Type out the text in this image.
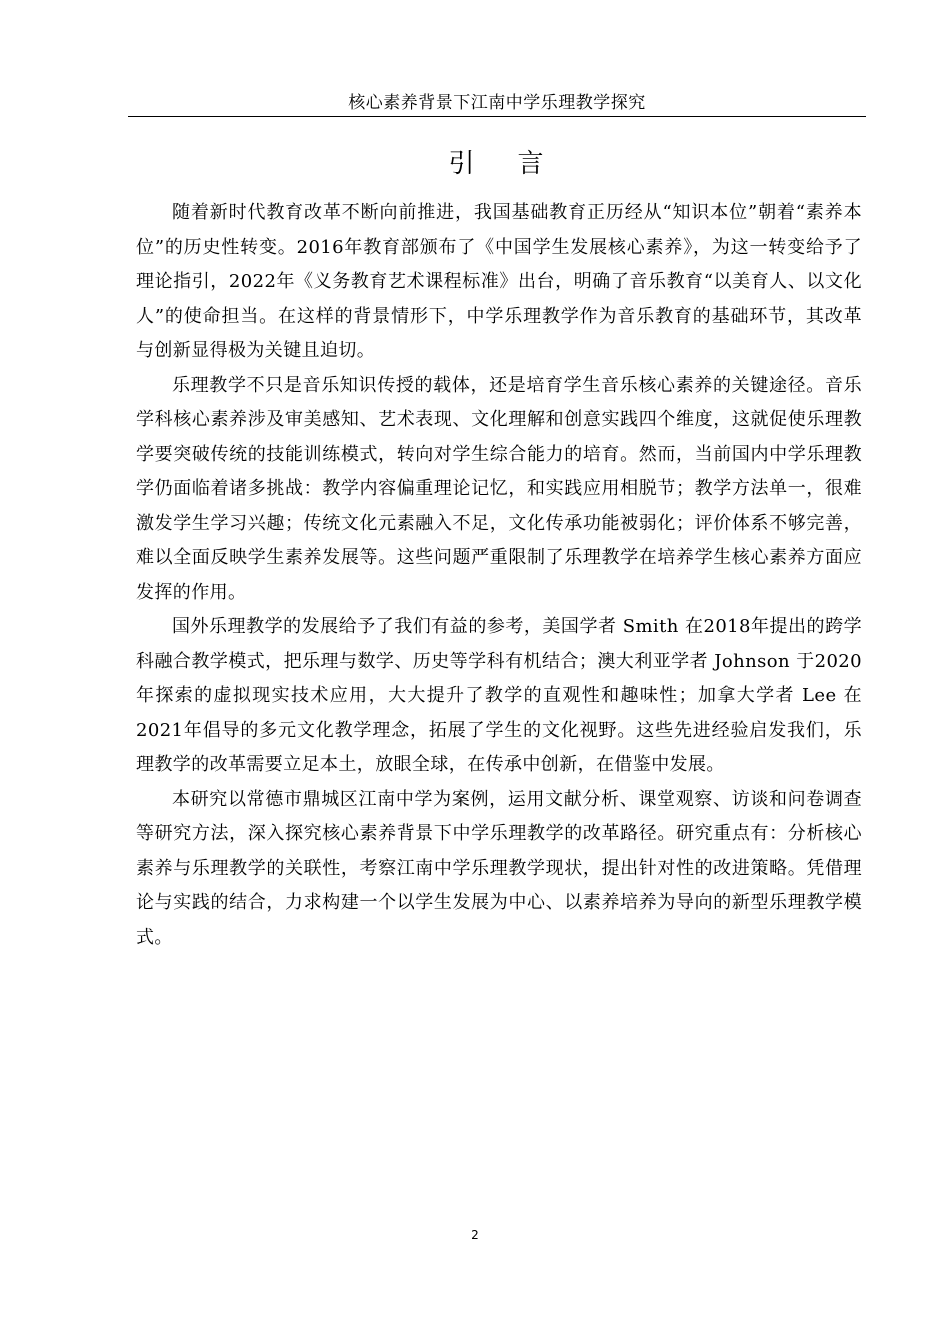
核心素养背景下江南中学乐理教学探究
引    言

随着新时代教育改革不断向前推进，我国基础教育正历经从“知识本位”朝着“素养本位”的历史性转变。2016年教育部颁布了《中国学生发展核心素养》，为这一转变给予了理论指引，2022年《义务教育艺术课程标准》出台，明确了音乐教育“以美育人、以文化人”的使命担当。在这样的背景情形下，中学乐理教学作为音乐教育的基础环节，其改革与创新显得极为关键且迫切。

乐理教学不只是音乐知识传授的载体，还是培育学生音乐核心素养的关键途径。音乐学科核心素养涉及审美感知、艺术表现、文化理解和创意实践四个维度，这就促使乐理教学要突破传统的技能训练模式，转向对学生综合能力的培育。然而，当前国内中学乐理教学仍面临着诸多挑战：教学内容偏重理论记忆，和实践应用相脱节；教学方法单一，很难激发学生学习兴趣；传统文化元素融入不足，文化传承功能被弱化；评价体系不够完善，难以全面反映学生素养发展等。这些问题严重限制了乐理教学在培养学生核心素养方面应发挥的作用。

国外乐理教学的发展给予了我们有益的参考，美国学者 Smith 在2018年提出的跨学科融合教学模式，把乐理与数学、历史等学科有机结合；澳大利亚学者 Johnson 于2020年探索的虚拟现实技术应用，大大提升了教学的直观性和趣味性；加拿大学者 Lee 在2021年倡导的多元文化教学理念，拓展了学生的文化视野。这些先进经验启发我们，乐理教学的改革需要立足本土，放眼全球，在传承中创新，在借鉴中发展。

本研究以常德市鼎城区江南中学为案例，运用文献分析、课堂观察、访谈和问卷调查等研究方法，深入探究核心素养背景下中学乐理教学的改革路径。研究重点有：分析核心素养与乐理教学的关联性，考察江南中学乐理教学现状，提出针对性的改进策略。凭借理论与实践的结合，力求构建一个以学生发展为中心、以素养培养为导向的新型乐理教学模式。

2
